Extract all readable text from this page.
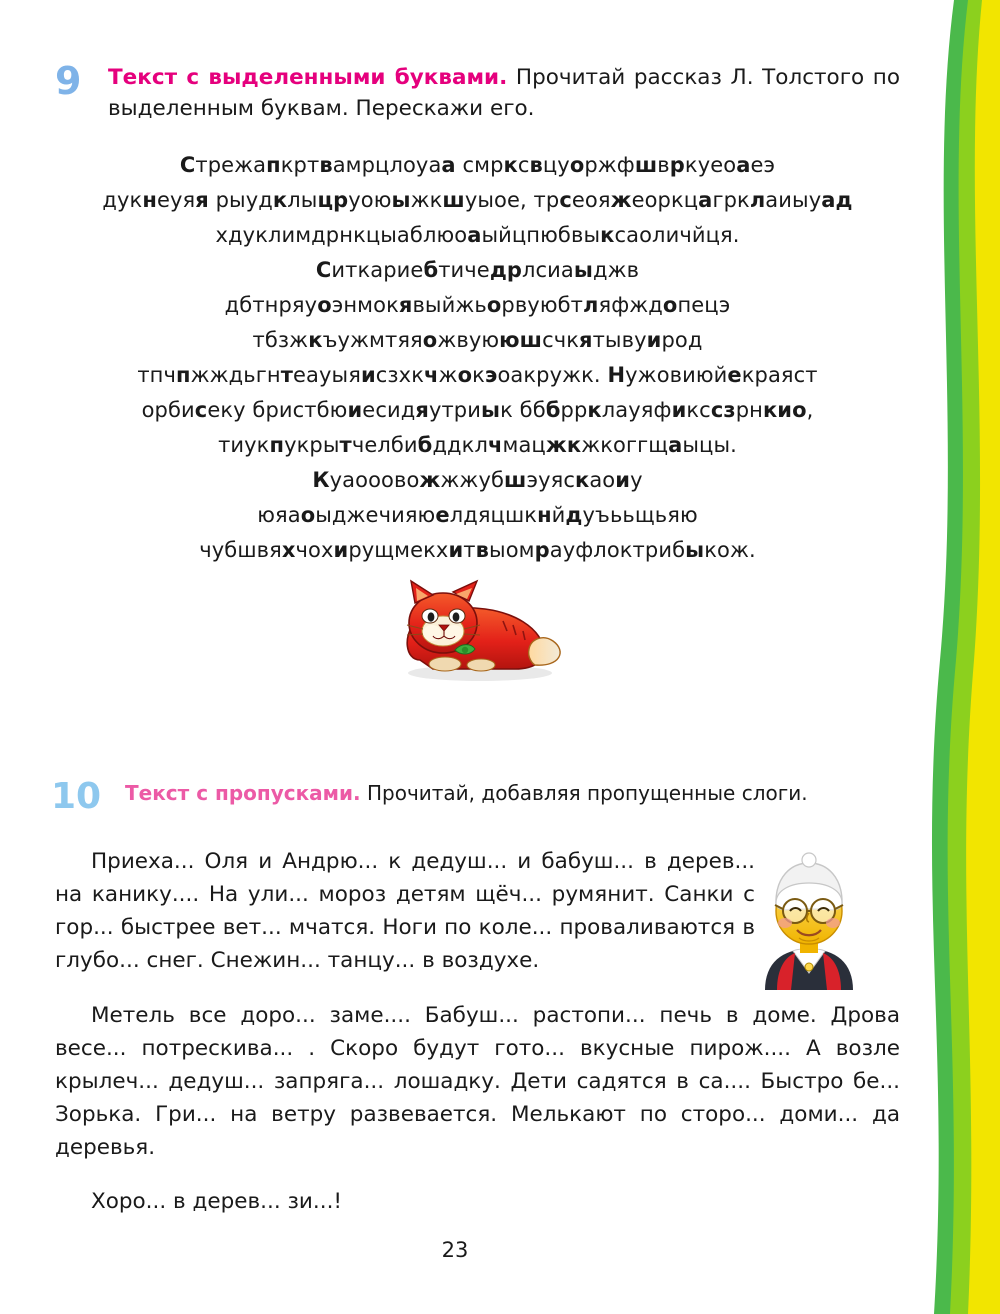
9 Текст с выделенными буквами. Прочитай рассказ Л. Толстого по выделенным буквам. Перескажи его.
Стрежапкртвамрцлоуаа смрксвцуоржфшвркуеоаеэ
дукнеуяя рыудклыцруоюыжкшуыое, трсеояжеоркцагрклаиыуад
хдуклимдрнкцыаблюоаыйцпюбвыксаоличйця.
Ситкариебтичедрлсиаыджв
дбтнряуоэнмокявыйжьорвуюбтляфждопецэ
тбзжкъужмтяяожвуююшсчкятывуирод
тпчпжждьгнтеауыяисзхкчжокэоакружк. Нужовиюйекраяст
орбисеку бристбюиесидяутриык бббррклауяфикссзрнкио,
тиукпукрытчелбибддклчмацжкжкоггщаыцы.
Куаооовожжжубшэуяскаоиу
юяаоыджечияюелдяцшкнйдуъььщьяю
чубшвяхчохирущмекхитвыомрауфлоктрибыкож.
10 Текст с пропусками. Прочитай, добавляя пропущенные слоги.

Приеха... Оля и Андрю... к дедуш... и бабуш... в дерев... на канику.... На ули... мороз детям щёч... румянит. Санки с гор... быстрее вет... мчатся. Ноги по коле... проваливаются в глубо... снег. Снежин... танцу... в воздухе.

Метель все доро... заме.... Бабуш... растопи... печь в доме. Дрова весе... потрескива... . Скоро будут гото... вкусные пирож.... А возле крылеч... дедуш... запряга... лошадку. Дети садятся в са.... Быстро бе... Зорька. Гри... на ветру развевается. Мелькают по сторо... доми... да деревья.

Хоро... в дерев... зи...!

23
